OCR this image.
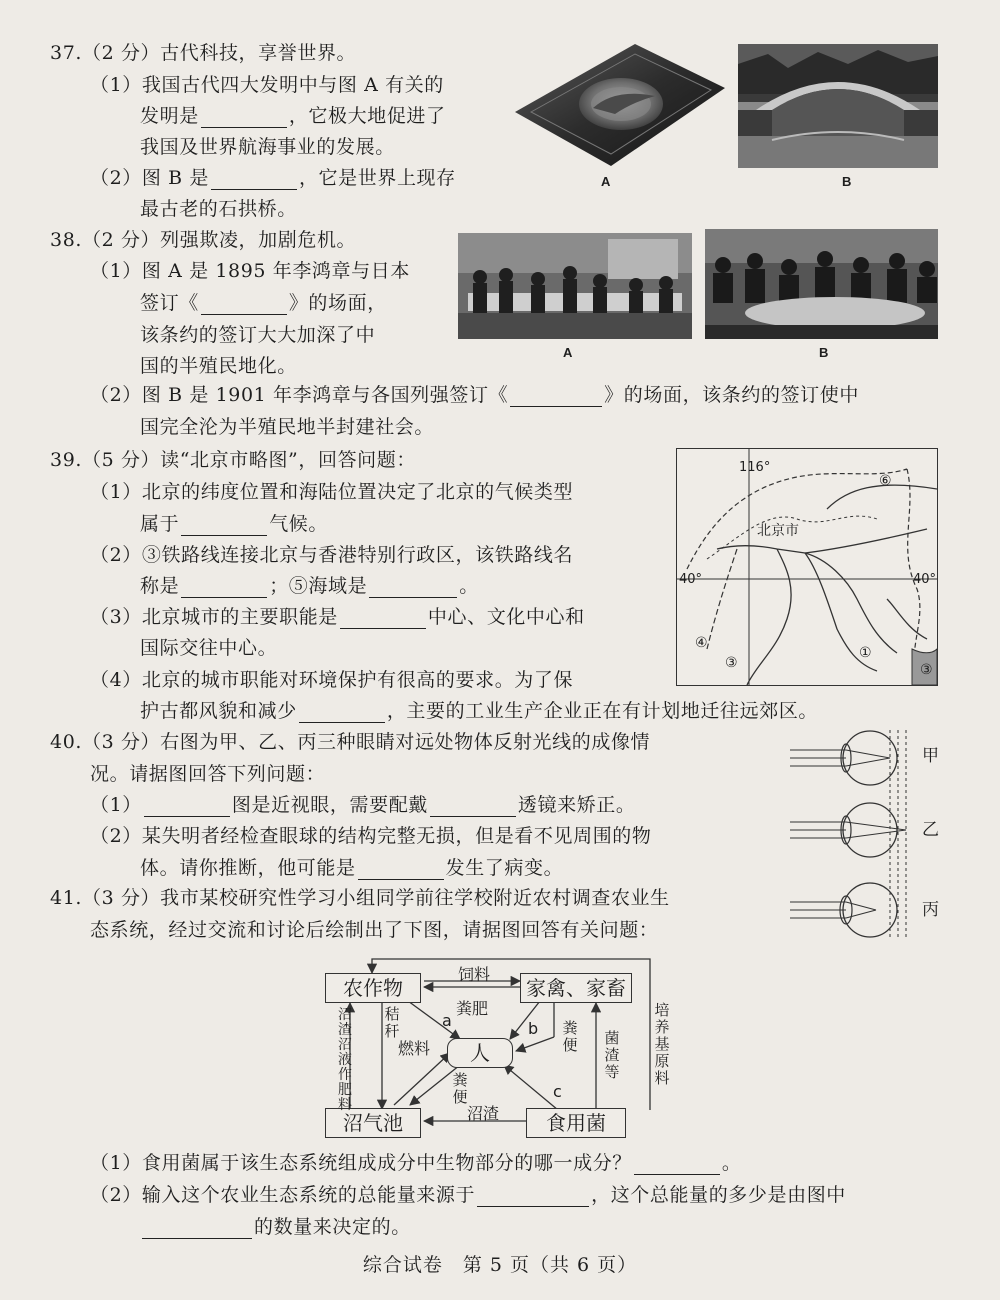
37.（2 分）古代科技，享誉世界。
（1）我国古代四大发明中与图 A 有关的
发明是	，它极大地促进了
我国及世界航海事业的发展。
（2）图 B 是	，它是世界上现存
最古老的石拱桥。
A	B
38.（2 分）列强欺凌，加剧危机。
（1）图 A 是 1895 年李鸿章与日本
签订《	》的场面，
该条约的签订大大加深了中
国的半殖民地化。
A	B
（2）图 B 是 1901 年李鸿章与各国列强签订《	》的场面，该条约的签订使中
国完全沦为半殖民地半封建社会。
39.（5 分）读“北京市略图”，回答问题：
（1）北京的纬度位置和海陆位置决定了北京的气候类型
属于	气候。
（2）③铁路线连接北京与香港特别行政区，该铁路线名
称是	；⑤海域是	。
（3）北京城市的主要职能是	中心、文化中心和
国际交往中心。
（4）北京的城市职能对环境保护有很高的要求。为了保
护古都风貌和减少	，主要的工业生产企业正在有计划地迁往远郊区。
116°
40°	40°
北京市
①
③	③
④
⑥
40.（3 分）右图为甲、乙、丙三种眼睛对远处物体反射光线的成像情
况。请据图回答下列问题：
（1）	图是近视眼，需要配戴	透镜来矫正。
（2）某失明者经检查眼球的结构完整无损，但是看不见周围的物
体。请你推断，他可能是	发生了病变。
甲
乙
丙
41.（3 分）我市某校研究性学习小组同学前往学校附近农村调查农业生
态系统，经过交流和讨论后绘制出了下图，请据图回答有关问题：
农作物	家禽、家畜
人
沼气池	食用菌
饲料
粪肥
a	b
c
秸秆
燃料
粪便
粪便
沼渣
沼渣沼液作肥料
培养基原料
菌渣等
（1）食用菌属于该生态系统组成成分中生物部分的哪一成分？	。
（2）输入这个农业生态系统的总能量来源于	，这个总能量的多少是由图中
的数量来决定的。
综合试卷　第 5 页（共 6 页）
